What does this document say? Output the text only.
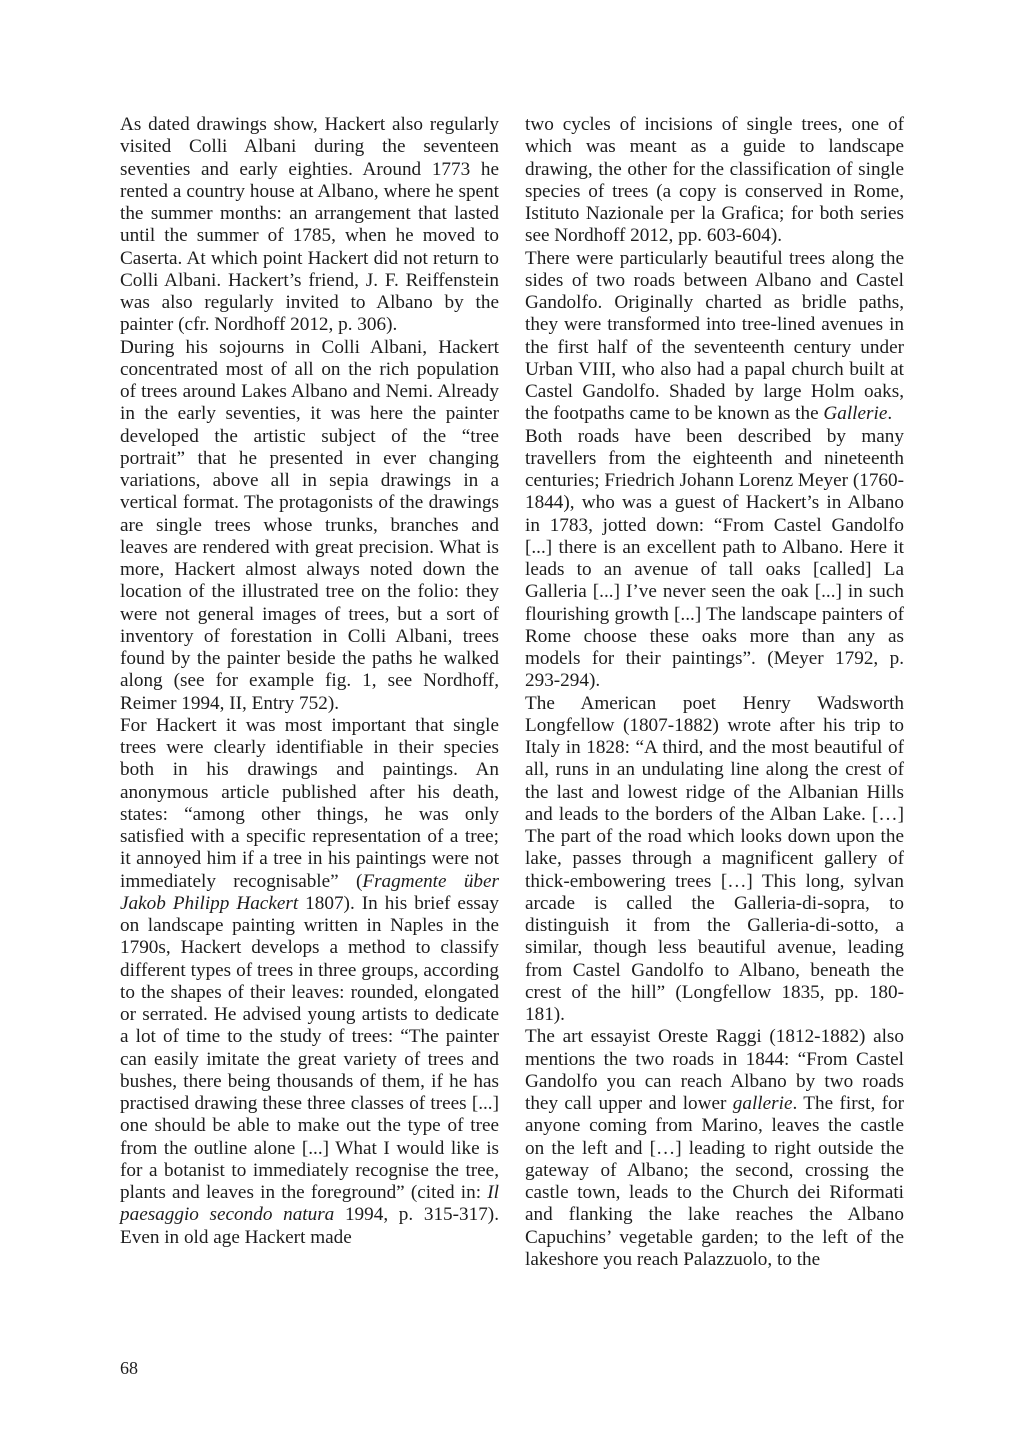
As dated drawings show, Hackert also regularly visited Colli Albani during the seventeen seventies and early eighties. Around 1773 he rented a country house at Albano, where he spent the summer months: an arrangement that lasted until the summer of 1785, when he moved to Caserta. At which point Hackert did not return to Colli Albani. Hackert’s friend, J. F. Reiffenstein was also regularly invited to Albano by the painter (cfr. Nordhoff 2012, p. 306).

During his sojourns in Colli Albani, Hackert concentrated most of all on the rich population of trees around Lakes Albano and Nemi. Already in the early seventies, it was here the painter developed the artistic subject of the “tree portrait” that he presented in ever changing variations, above all in sepia drawings in a vertical format. The protagonists of the drawings are single trees whose trunks, branches and leaves are rendered with great precision. What is more, Hackert almost always noted down the location of the illustrated tree on the folio: they were not general images of trees, but a sort of inventory of forestation in Colli Albani, trees found by the painter beside the paths he walked along (see for example fig. 1, see Nordhoff, Reimer 1994, II, Entry 752).

For Hackert it was most important that single trees were clearly identifiable in their species both in his drawings and paintings. An anonymous article published after his death, states: “among other things, he was only satisfied with a specific representation of a tree; it annoyed him if a tree in his paintings were not immediately recognisable” (Fragmente über Jakob Philipp Hackert 1807). In his brief essay on landscape painting written in Naples in the 1790s, Hackert develops a method to classify different types of trees in three groups, according to the shapes of their leaves: rounded, elongated or serrated. He advised young artists to dedicate a lot of time to the study of trees: “The painter can easily imitate the great variety of trees and bushes, there being thousands of them, if he has practised drawing these three classes of trees [...] one should be able to make out the type of tree from the outline alone [...] What I would like is for a botanist to immediately recognise the tree, plants and leaves in the foreground” (cited in: Il paesaggio secondo natura 1994, p. 315-317). Even in old age Hackert made

two cycles of incisions of single trees, one of which was meant as a guide to landscape drawing, the other for the classification of single species of trees (a copy is conserved in Rome, Istituto Nazionale per la Grafica; for both series see Nordhoff 2012, pp. 603-604).

There were particularly beautiful trees along the sides of two roads between Albano and Castel Gandolfo. Originally charted as bridle paths, they were transformed into tree-lined avenues in the first half of the seventeenth century under Urban VIII, who also had a papal church built at Castel Gandolfo. Shaded by large Holm oaks, the footpaths came to be known as the Gallerie.

Both roads have been described by many travellers from the eighteenth and nineteenth centuries; Friedrich Johann Lorenz Meyer (1760-1844), who was a guest of Hackert’s in Albano in 1783, jotted down: “From Castel Gandolfo [...] there is an excellent path to Albano. Here it leads to an avenue of tall oaks [called] La Galleria [...] I’ve never seen the oak [...] in such flourishing growth [...] The landscape painters of Rome choose these oaks more than any as models for their paintings”. (Meyer 1792, p. 293-294).

The American poet Henry Wadsworth Longfellow (1807-1882) wrote after his trip to Italy in 1828: “A third, and the most beautiful of all, runs in an undulating line along the crest of the last and lowest ridge of the Albanian Hills and leads to the borders of the Alban Lake. […] The part of the road which looks down upon the lake, passes through a magnificent gallery of thick-embowering trees […] This long, sylvan arcade is called the Galleria-di-sopra, to distinguish it from the Galleria-di-sotto, a similar, though less beautiful avenue, leading from Castel Gandolfo to Albano, beneath the crest of the hill” (Longfellow 1835, pp. 180-181).

The art essayist Oreste Raggi (1812-1882) also mentions the two roads in 1844: “From Castel Gandolfo you can reach Albano by two roads they call upper and lower gallerie. The first, for anyone coming from Marino, leaves the castle on the left and […] leading to right outside the gateway of Albano; the second, crossing the castle town, leads to the Church dei Riformati and flanking the lake reaches the Albano Capuchins’ vegetable garden; to the left of the lakeshore you reach Palazzuolo, to the

68
